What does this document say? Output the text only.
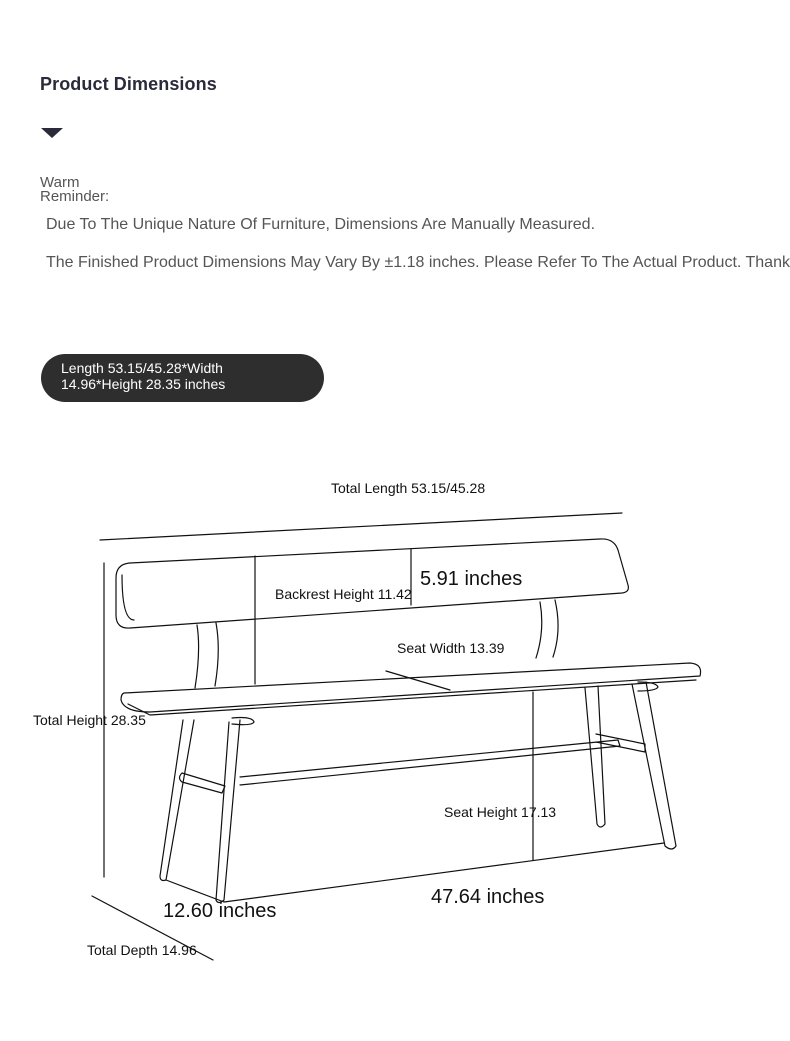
Product Dimensions
Warm Reminder:
Due To The Unique Nature Of Furniture, Dimensions Are Manually Measured.
The Finished Product Dimensions May Vary By ±1.18 inches. Please Refer To The Actual Product. Thank
Length 53.15/45.28*Width
14.96*Height 28.35 inches
Total Length 53.15/45.28
5.91 inches
Backrest Height 11.42
Seat Width 13.39
Total Height 28.35
Seat Height 17.13
12.60 inches
47.64 inches
Total Depth 14.96
